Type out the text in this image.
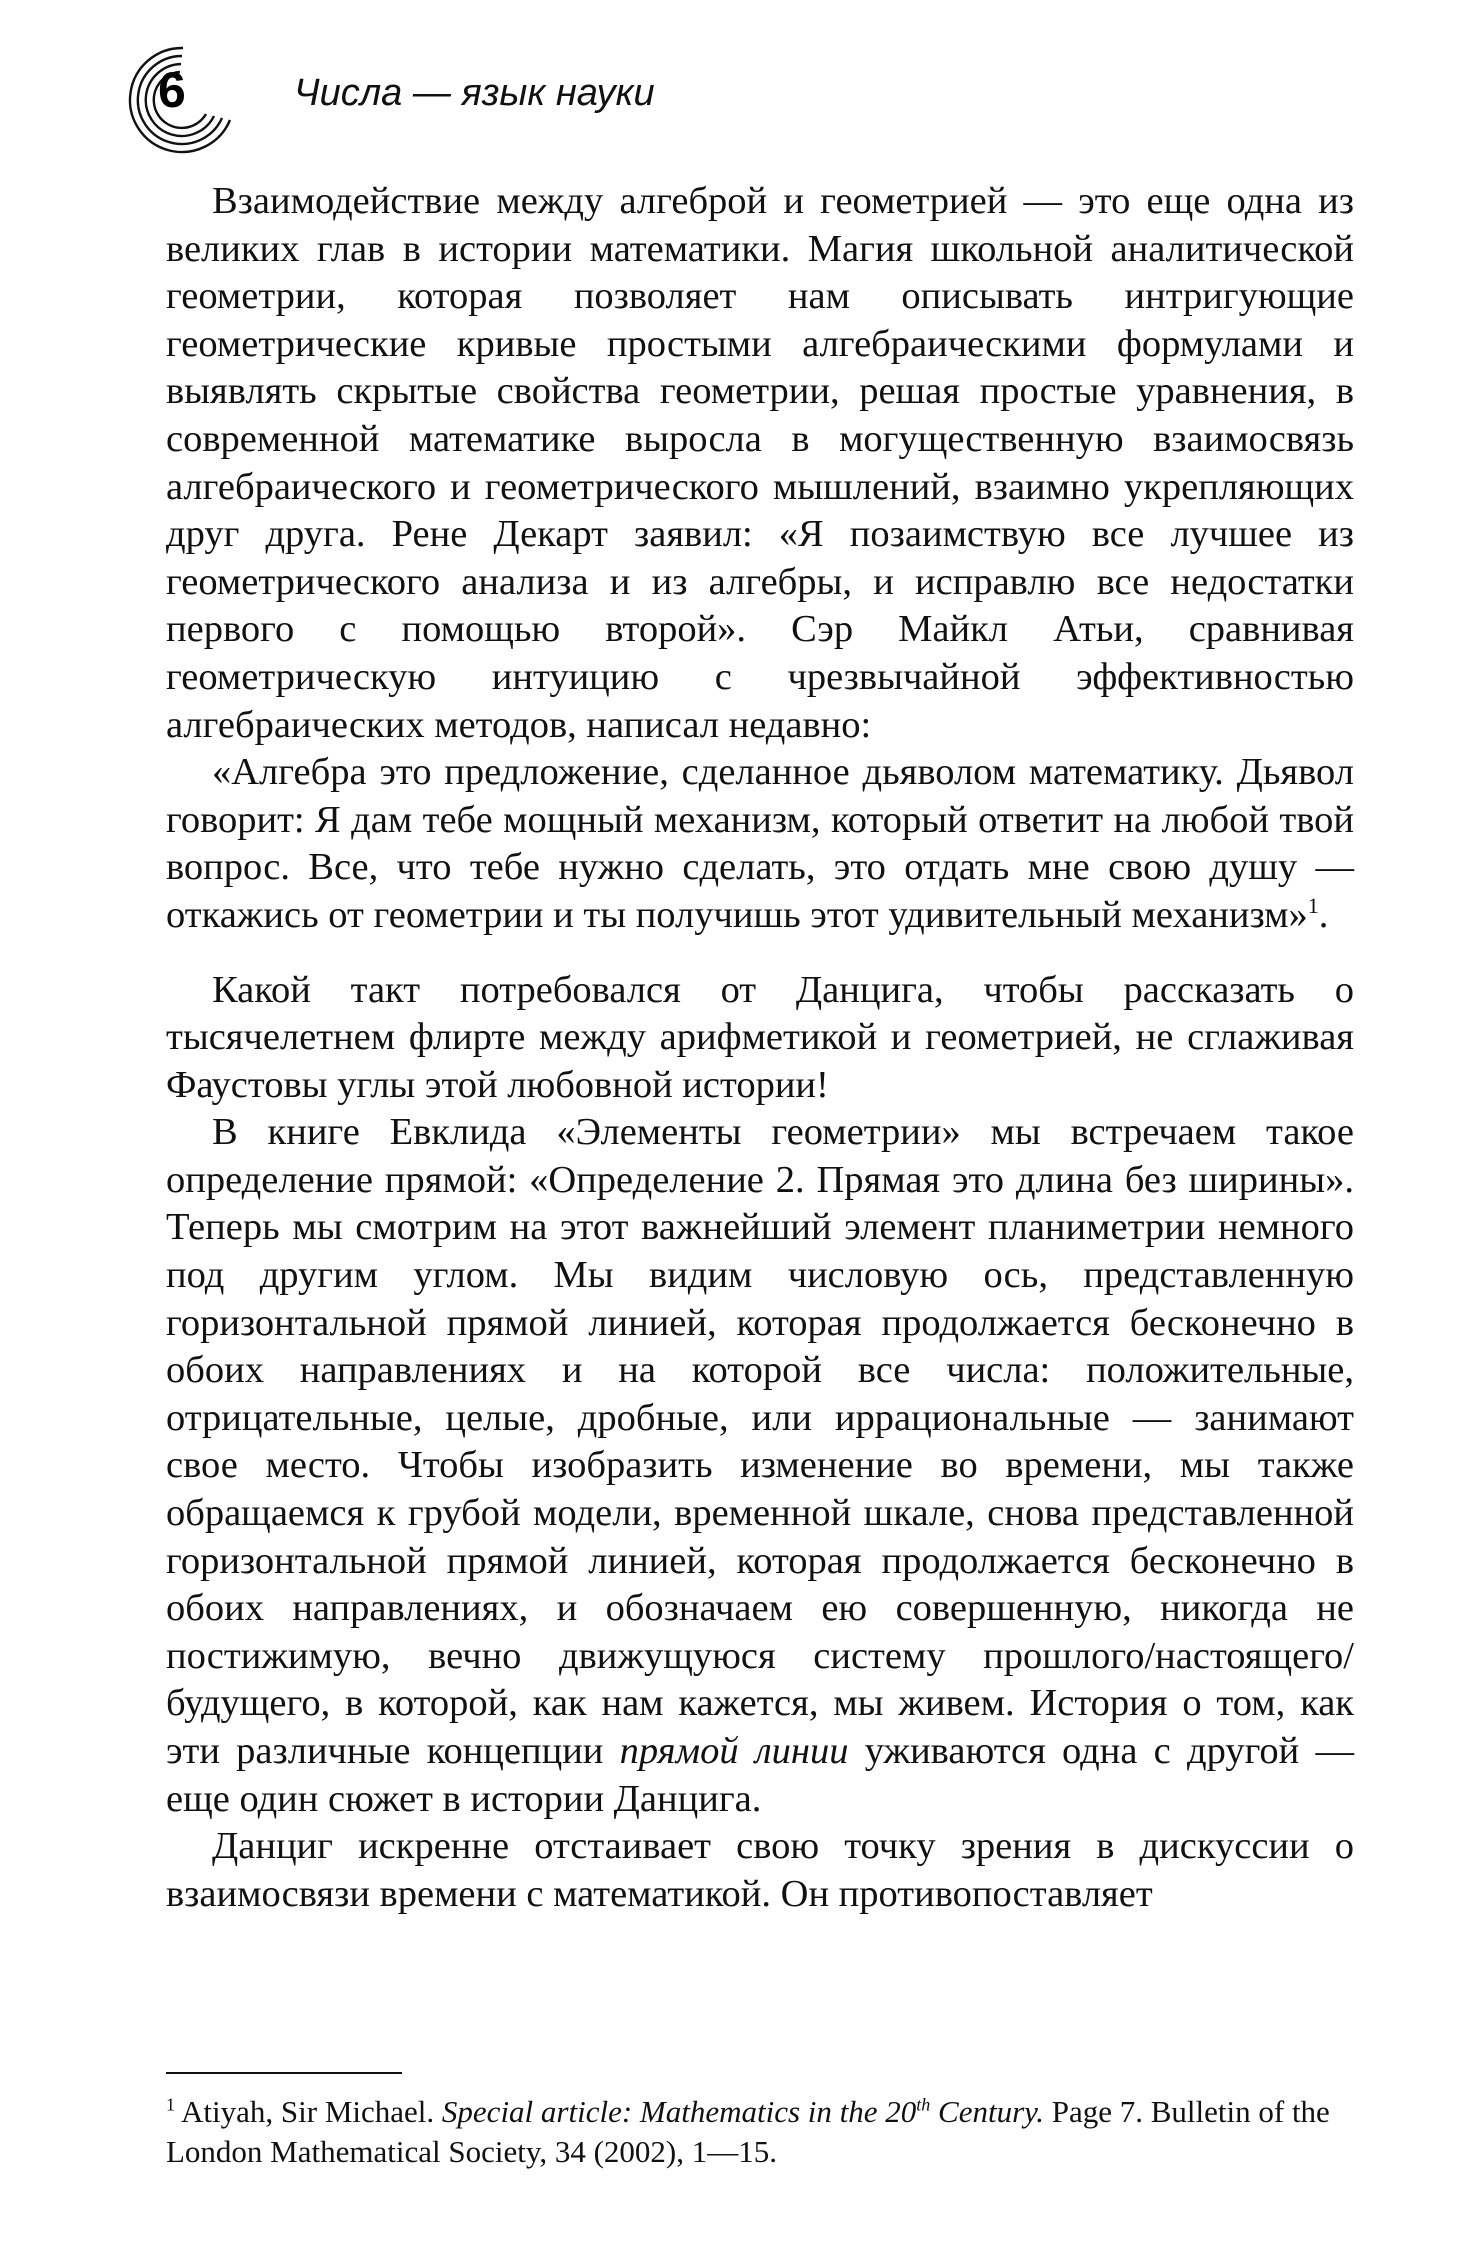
6	Числа — язык науки

Взаимодействие между алгеброй и геометрией — это еще одна из великих глав в истории математики. Магия школьной аналитической геометрии, которая позволяет нам описывать интригующие геометрические кривые простыми алгебраическими формулами и выявлять скрытые свойства геометрии, решая простые уравнения, в современной математике выросла в могущественную взаимосвязь алгебраического и геометрического мышлений, взаимно укрепляющих друг друга. Рене Декарт заявил: «Я позаимствую все лучшее из геометрического анализа и из алгебры, и исправлю все недостатки первого с помощью второй». Сэр Майкл Атьи, сравнивая геометрическую интуицию с чрезвычайной эффективностью алгебраических методов, написал недавно:

«Алгебра это предложение, сделанное дьяволом математику. Дьявол говорит: Я дам тебе мощный механизм, который ответит на любой твой вопрос. Все, что тебе нужно сделать, это отдать мне свою душу — откажись от геометрии и ты получишь этот удивительный механизм»$^1$.

Какой такт потребовался от Данцига, чтобы рассказать о тысячелетнем флирте между арифметикой и геометрией, не сглаживая Фаустовы углы этой любовной истории!

В книге Евклида «Элементы геометрии» мы встречаем такое определение прямой: «Определение 2. Прямая это длина без ширины». Теперь мы смотрим на этот важнейший элемент планиметрии немного под другим углом. Мы видим числовую ось, представленную горизонтальной прямой линией, которая продолжается бесконечно в обоих направлениях и на которой все числа: положительные, отрицательные, целые, дробные, или иррациональные — занимают свое место. Чтобы изобразить изменение во времени, мы также обращаемся к грубой модели, временной шкале, снова представленной горизонтальной прямой линией, которая продолжается бесконечно в обоих направлениях, и обозначаем ею совершенную, никогда не постижимую, вечно движущуюся систему прошлого/настоящего/будущего, в которой, как нам кажется, мы живем. История о том, как эти различные концепции прямой линии уживаются одна с другой — еще один сюжет в истории Данцига.

Данциг искренне отстаивает свою точку зрения в дискуссии о взаимосвязи времени с математикой. Он противопоставляет

$^1$ Atiyah, Sir Michael. Special article: Mathematics in the 20th Century. Page 7. Bulletin of the London Mathematical Society, 34 (2002), 1—15.
